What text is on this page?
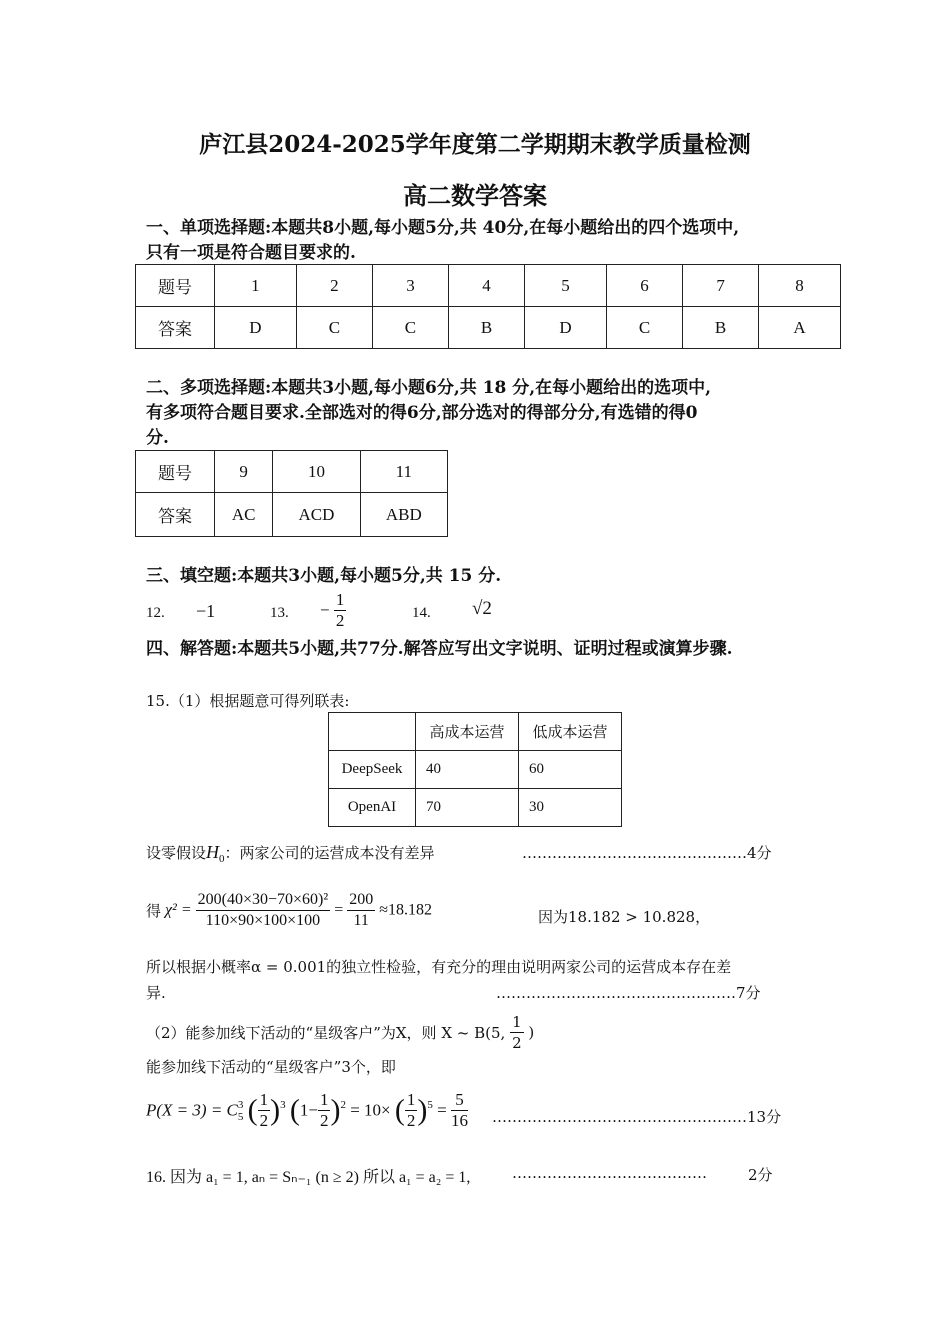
庐江县2024-2025学年度第二学期期末教学质量检测
高二数学答案
一、单项选择题:本题共8小题,每小题5分,共 40分,在每小题给出的四个选项中,
只有一项是符合题目要求的.
题号	1	2	3	4	5	6	7	8
答案	D	C	C	B	D	C	B	A
二、多项选择题:本题共3小题,每小题6分,共 18 分,在每小题给出的选项中,
有多项符合题目要求.全部选对的得6分,部分选对的得部分分,有选错的得0
分.
题号	9	10	11
答案	AC	ACD	ABD
三、填空题:本题共3小题,每小题5分,共 15 分.
12. −1	13. − $\frac{1}{2}$	14. √2
四、解答题:本题共5小题,共77分.解答应写出文字说明、证明过程或演算步骤.
15.（1）根据题意可得列联表:
	高成本运营	低成本运营
DeepSeek	40	60
OpenAI	70	30
设零假设$H_0$：两家公司的运营成本没有差异	………………………………………4分
得 $\chi^2 = \frac{\text{200(40×30−70×60)²}}{110\times 90\times 100\times 100} = \frac{200}{11} \approx 18.182$	因为18.182 > 10.828，
所以根据小概率α = 0.001的独立性检验，有充分的理由说明两家公司的运营成本存在差
异.	…………………………………………7分
（2）能参加线下活动的“星级客户”为X，则 X ~ B(5, $\frac{1}{2}$ )
能参加线下活动的“星级客户”3个，即
P(X = 3) = C 3
5 ( $\frac{1}{2} )^3$ $(1- \frac{1}{2} )^2 = 10\times$ ( $\frac{1}{2} )^5 = \frac{5}{16}$ ……………………………………………13分
16. 因为 a₁ = 1, aₙ = Sₙ₋₁ (n ≥ 2) 所以 a₁ = a₂ = 1,	…………………………………	2分
